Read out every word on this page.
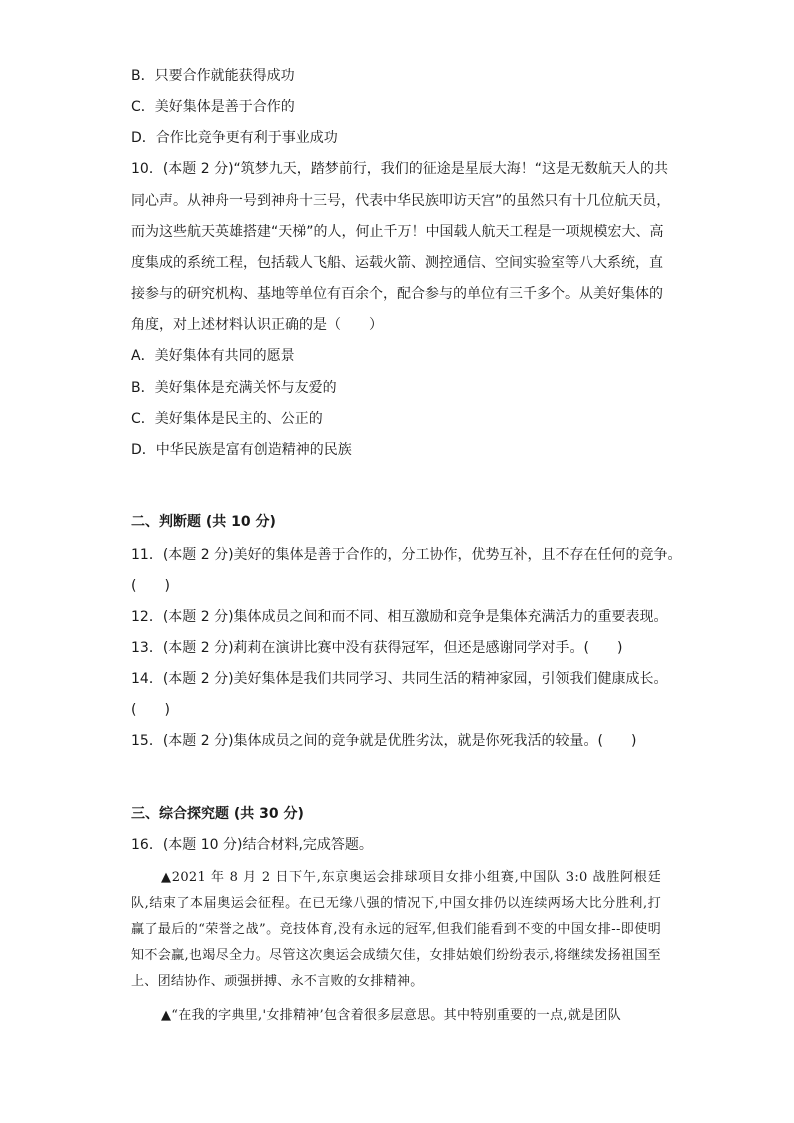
B．只要合作就能获得成功
C．美好集体是善于合作的
D．合作比竞争更有利于事业成功
10．(本题 2 分)“筑梦九天，踏梦前行，我们的征途是星辰大海！“这是无数航天人的共
同心声。从神舟一号到神舟十三号，代表中华民族叩访天宫”的虽然只有十几位航天员，
而为这些航天英雄搭建“天梯”的人，何止千万！中国载人航天工程是一项规模宏大、高
度集成的系统工程，包括载人飞船、运载火箭、测控通信、空间实验室等八大系统，直
接参与的研究机构、基地等单位有百余个，配合参与的单位有三千多个。从美好集体的
角度，对上述材料认识正确的是（　　）
A．美好集体有共同的愿景
B．美好集体是充满关怀与友爱的
C．美好集体是民主的、公正的
D．中华民族是富有创造精神的民族
二、判断题 (共 10 分)
11．(本题 2 分)美好的集体是善于合作的，分工协作，优势互补，且不存在任何的竞争。
(　　)
12．(本题 2 分)集体成员之间和而不同、相互激励和竞争是集体充满活力的重要表现。
13．(本题 2 分)莉莉在演讲比赛中没有获得冠军，但还是感谢同学对手。(　　)
14．(本题 2 分)美好集体是我们共同学习、共同生活的精神家园，引领我们健康成长。
(　　)
15．(本题 2 分)集体成员之间的竞争就是优胜劣汰，就是你死我活的较量。(　　)
三、综合探究题 (共 30 分)
16．(本题 10 分)结合材料,完成答题。

▲2021 年 8 月 2 日下午,东京奥运会排球项目女排小组赛,中国队 3:0 战胜阿根廷队,结束了本届奥运会征程。在已无缘八强的情况下,中国女排仍以连续两场大比分胜利,打赢了最后的“荣誉之战”。竞技体育,没有永远的冠军,但我们能看到不变的中国女排--即使明知不会赢,也竭尽全力。尽管这次奥运会成绩欠佳，女排姑娘们纷纷表示,将继续发扬祖国至上、团结协作、顽强拼搏、永不言败的女排精神。

▲“在我的字典里,'女排精神’包含着很多层意思。其中特别重要的一点,就是团队
